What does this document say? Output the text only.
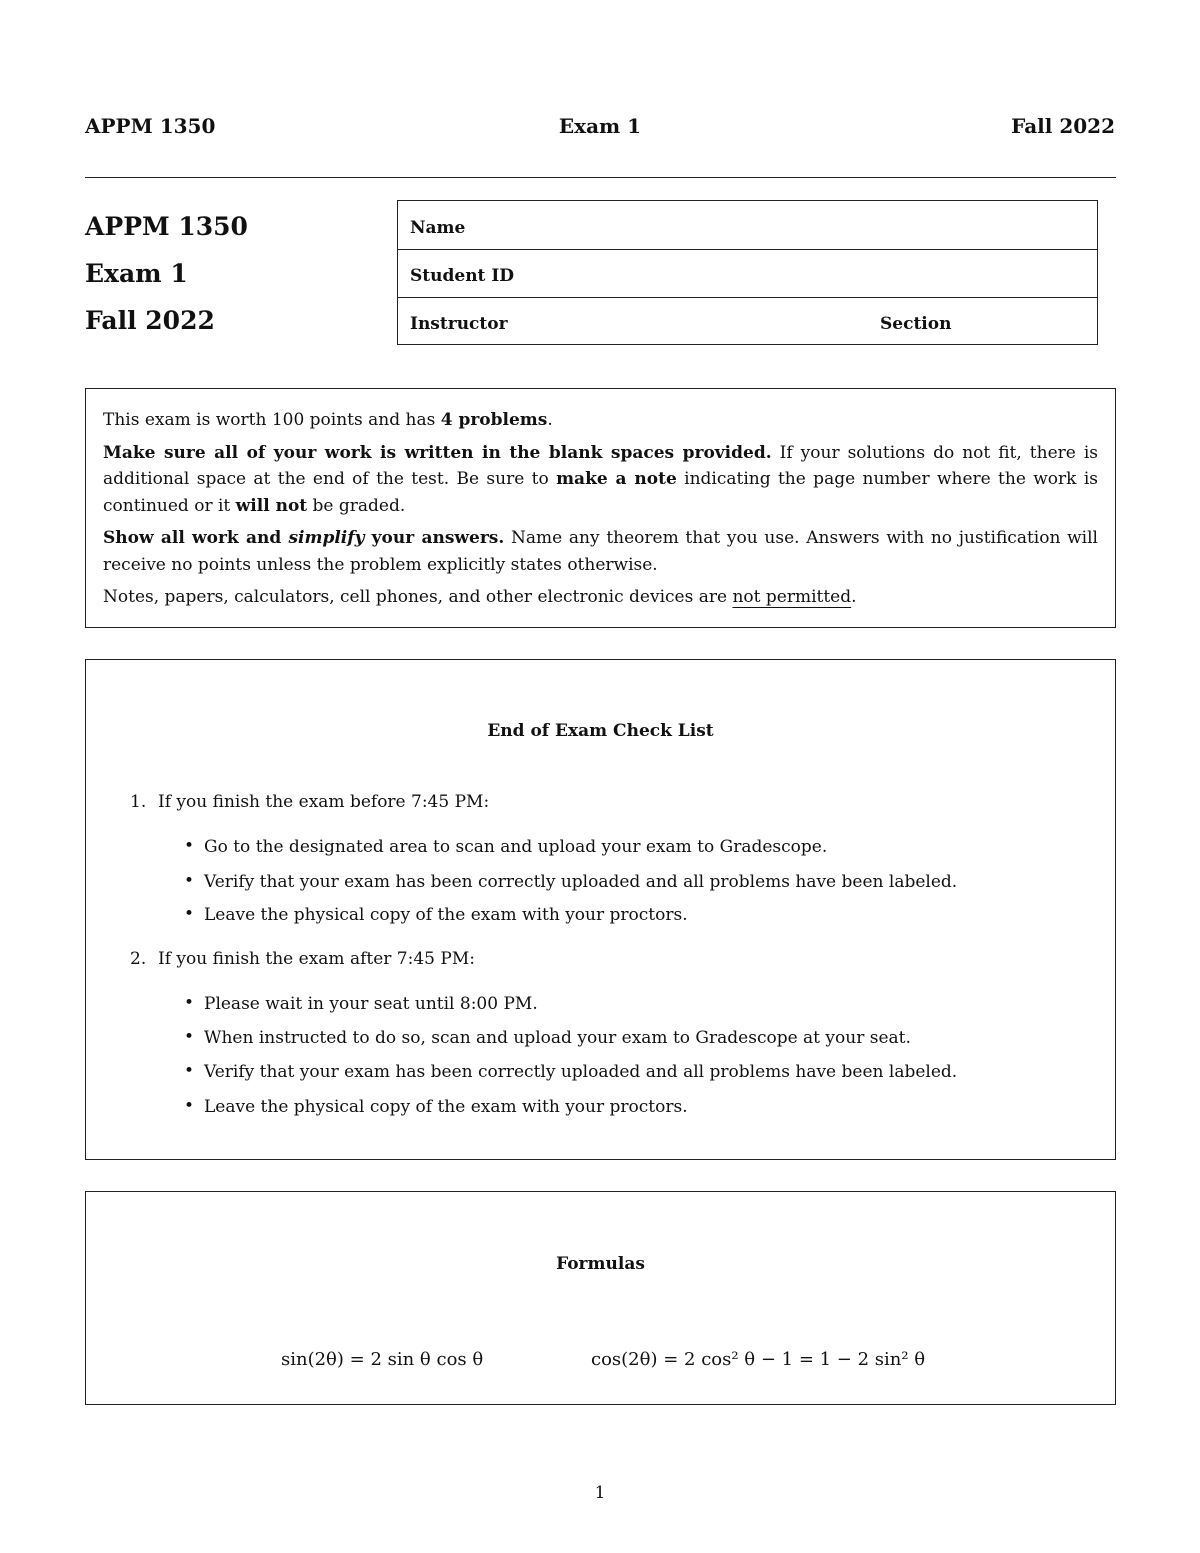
APPM 1350	Exam 1	Fall 2022
APPM 1350
Exam 1
Fall 2022
Name
Student ID
Instructor	Section

This exam is worth 100 points and has 4 problems.

Make sure all of your work is written in the blank spaces provided. If your solutions do not fit, there is additional space at the end of the test. Be sure to make a note indicating the page number where the work is continued or it will not be graded.

Show all work and simplify your answers. Name any theorem that you use. Answers with no justification will receive no points unless the problem explicitly states otherwise.

Notes, papers, calculators, cell phones, and other electronic devices are not permitted.

End of Exam Check List
1. If you finish the exam before 7:45 PM:
• Go to the designated area to scan and upload your exam to Gradescope.
• Verify that your exam has been correctly uploaded and all problems have been labeled.
• Leave the physical copy of the exam with your proctors.
2. If you finish the exam after 7:45 PM:
• Please wait in your seat until 8:00 PM.
• When instructed to do so, scan and upload your exam to Gradescope at your seat.
• Verify that your exam has been correctly uploaded and all problems have been labeled.
• Leave the physical copy of the exam with your proctors.
Formulas
sin(2θ) = 2 sin θ cos θ	cos(2θ) = 2 cos² θ − 1 = 1 − 2 sin² θ
1
